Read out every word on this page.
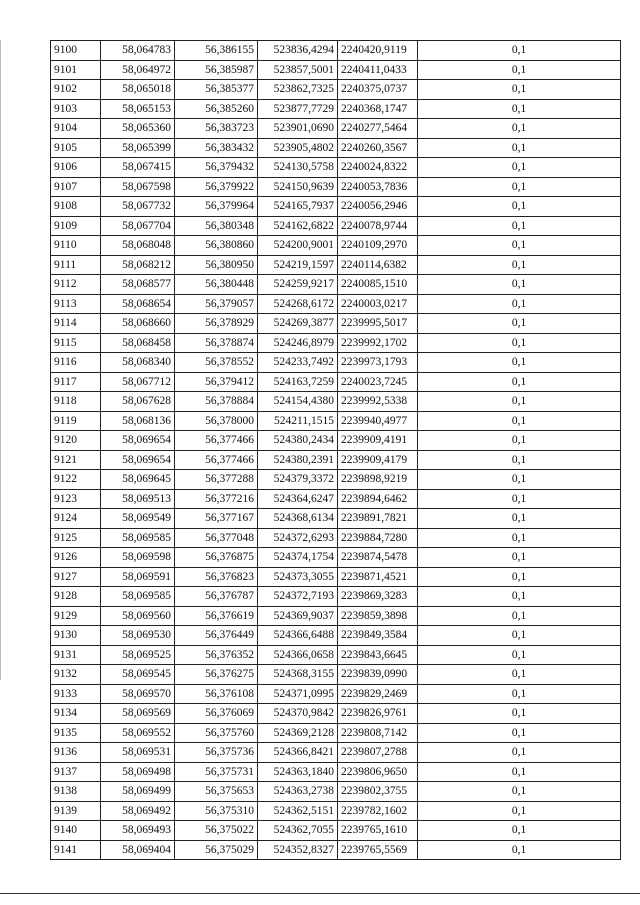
9100	58,064783	56,386155	523836,4294	2240420,9119	0,1
9101	58,064972	56,385987	523857,5001	2240411,0433	0,1
9102	58,065018	56,385377	523862,7325	2240375,0737	0,1
9103	58,065153	56,385260	523877,7729	2240368,1747	0,1
9104	58,065360	56,383723	523901,0690	2240277,5464	0,1
9105	58,065399	56,383432	523905,4802	2240260,3567	0,1
9106	58,067415	56,379432	524130,5758	2240024,8322	0,1
9107	58,067598	56,379922	524150,9639	2240053,7836	0,1
9108	58,067732	56,379964	524165,7937	2240056,2946	0,1
9109	58,067704	56,380348	524162,6822	2240078,9744	0,1
9110	58,068048	56,380860	524200,9001	2240109,2970	0,1
9111	58,068212	56,380950	524219,1597	2240114,6382	0,1
9112	58,068577	56,380448	524259,9217	2240085,1510	0,1
9113	58,068654	56,379057	524268,6172	2240003,0217	0,1
9114	58,068660	56,378929	524269,3877	2239995,5017	0,1
9115	58,068458	56,378874	524246,8979	2239992,1702	0,1
9116	58,068340	56,378552	524233,7492	2239973,1793	0,1
9117	58,067712	56,379412	524163,7259	2240023,7245	0,1
9118	58,067628	56,378884	524154,4380	2239992,5338	0,1
9119	58,068136	56,378000	524211,1515	2239940,4977	0,1
9120	58,069654	56,377466	524380,2434	2239909,4191	0,1
9121	58,069654	56,377466	524380,2391	2239909,4179	0,1
9122	58,069645	56,377288	524379,3372	2239898,9219	0,1
9123	58,069513	56,377216	524364,6247	2239894,6462	0,1
9124	58,069549	56,377167	524368,6134	2239891,7821	0,1
9125	58,069585	56,377048	524372,6293	2239884,7280	0,1
9126	58,069598	56,376875	524374,1754	2239874,5478	0,1
9127	58,069591	56,376823	524373,3055	2239871,4521	0,1
9128	58,069585	56,376787	524372,7193	2239869,3283	0,1
9129	58,069560	56,376619	524369,9037	2239859,3898	0,1
9130	58,069530	56,376449	524366,6488	2239849,3584	0,1
9131	58,069525	56,376352	524366,0658	2239843,6645	0,1
9132	58,069545	56,376275	524368,3155	2239839,0990	0,1
9133	58,069570	56,376108	524371,0995	2239829,2469	0,1
9134	58,069569	56,376069	524370,9842	2239826,9761	0,1
9135	58,069552	56,375760	524369,2128	2239808,7142	0,1
9136	58,069531	56,375736	524366,8421	2239807,2788	0,1
9137	58,069498	56,375731	524363,1840	2239806,9650	0,1
9138	58,069499	56,375653	524363,2738	2239802,3755	0,1
9139	58,069492	56,375310	524362,5151	2239782,1602	0,1
9140	58,069493	56,375022	524362,7055	2239765,1610	0,1
9141	58,069404	56,375029	524352,8327	2239765,5569	0,1
